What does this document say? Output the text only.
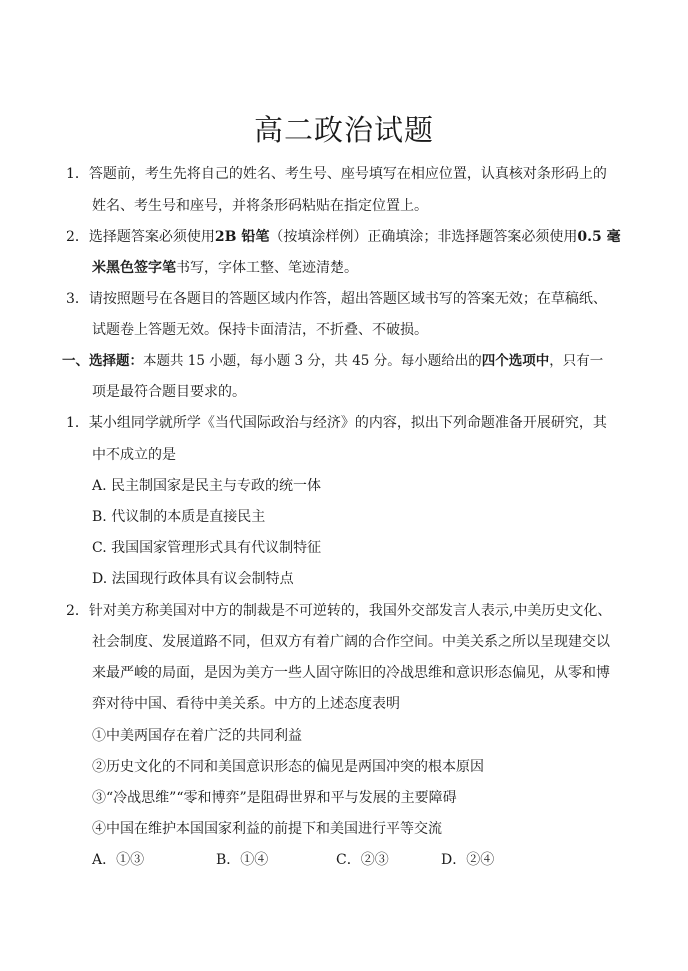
高二政治试题
1．答题前，考生先将自己的姓名、考生号、座号填写在相应位置，认真核对条形码上的
姓名、考生号和座号，并将条形码粘贴在指定位置上。
2．选择题答案必须使用2B 铅笔（按填涂样例）正确填涂；非选择题答案必须使用0.5 毫
米黑色签字笔书写，字体工整、笔迹清楚。
3．请按照题号在各题目的答题区域内作答，超出答题区域书写的答案无效；在草稿纸、
试题卷上答题无效。保持卡面清洁，不折叠、不破损。
一、选择题：本题共 15 小题，每小题 3 分，共 45 分。每小题给出的四个选项中，只有一
项是最符合题目要求的。
1．某小组同学就所学《当代国际政治与经济》的内容，拟出下列命题准备开展研究，其
中不成立的是
A. 民主制国家是民主与专政的统一体
B. 代议制的本质是直接民主
C. 我国国家管理形式具有代议制特征
D. 法国现行政体具有议会制特点
2．针对美方称美国对中方的制裁是不可逆转的，我国外交部发言人表示,中美历史文化、
社会制度、发展道路不同，但双方有着广阔的合作空间。中美关系之所以呈现建交以
来最严峻的局面，是因为美方一些人固守陈旧的冷战思维和意识形态偏见，从零和博
弈对待中国、看待中美关系。中方的上述态度表明
①中美两国存在着广泛的共同利益
②历史文化的不同和美国意识形态的偏见是两国冲突的根本原因
③“冷战思维”“零和博弈”是阻碍世界和平与发展的主要障碍
④中国在维护本国国家利益的前提下和美国进行平等交流
A．①③	B．①④	C．②③	D．②④
